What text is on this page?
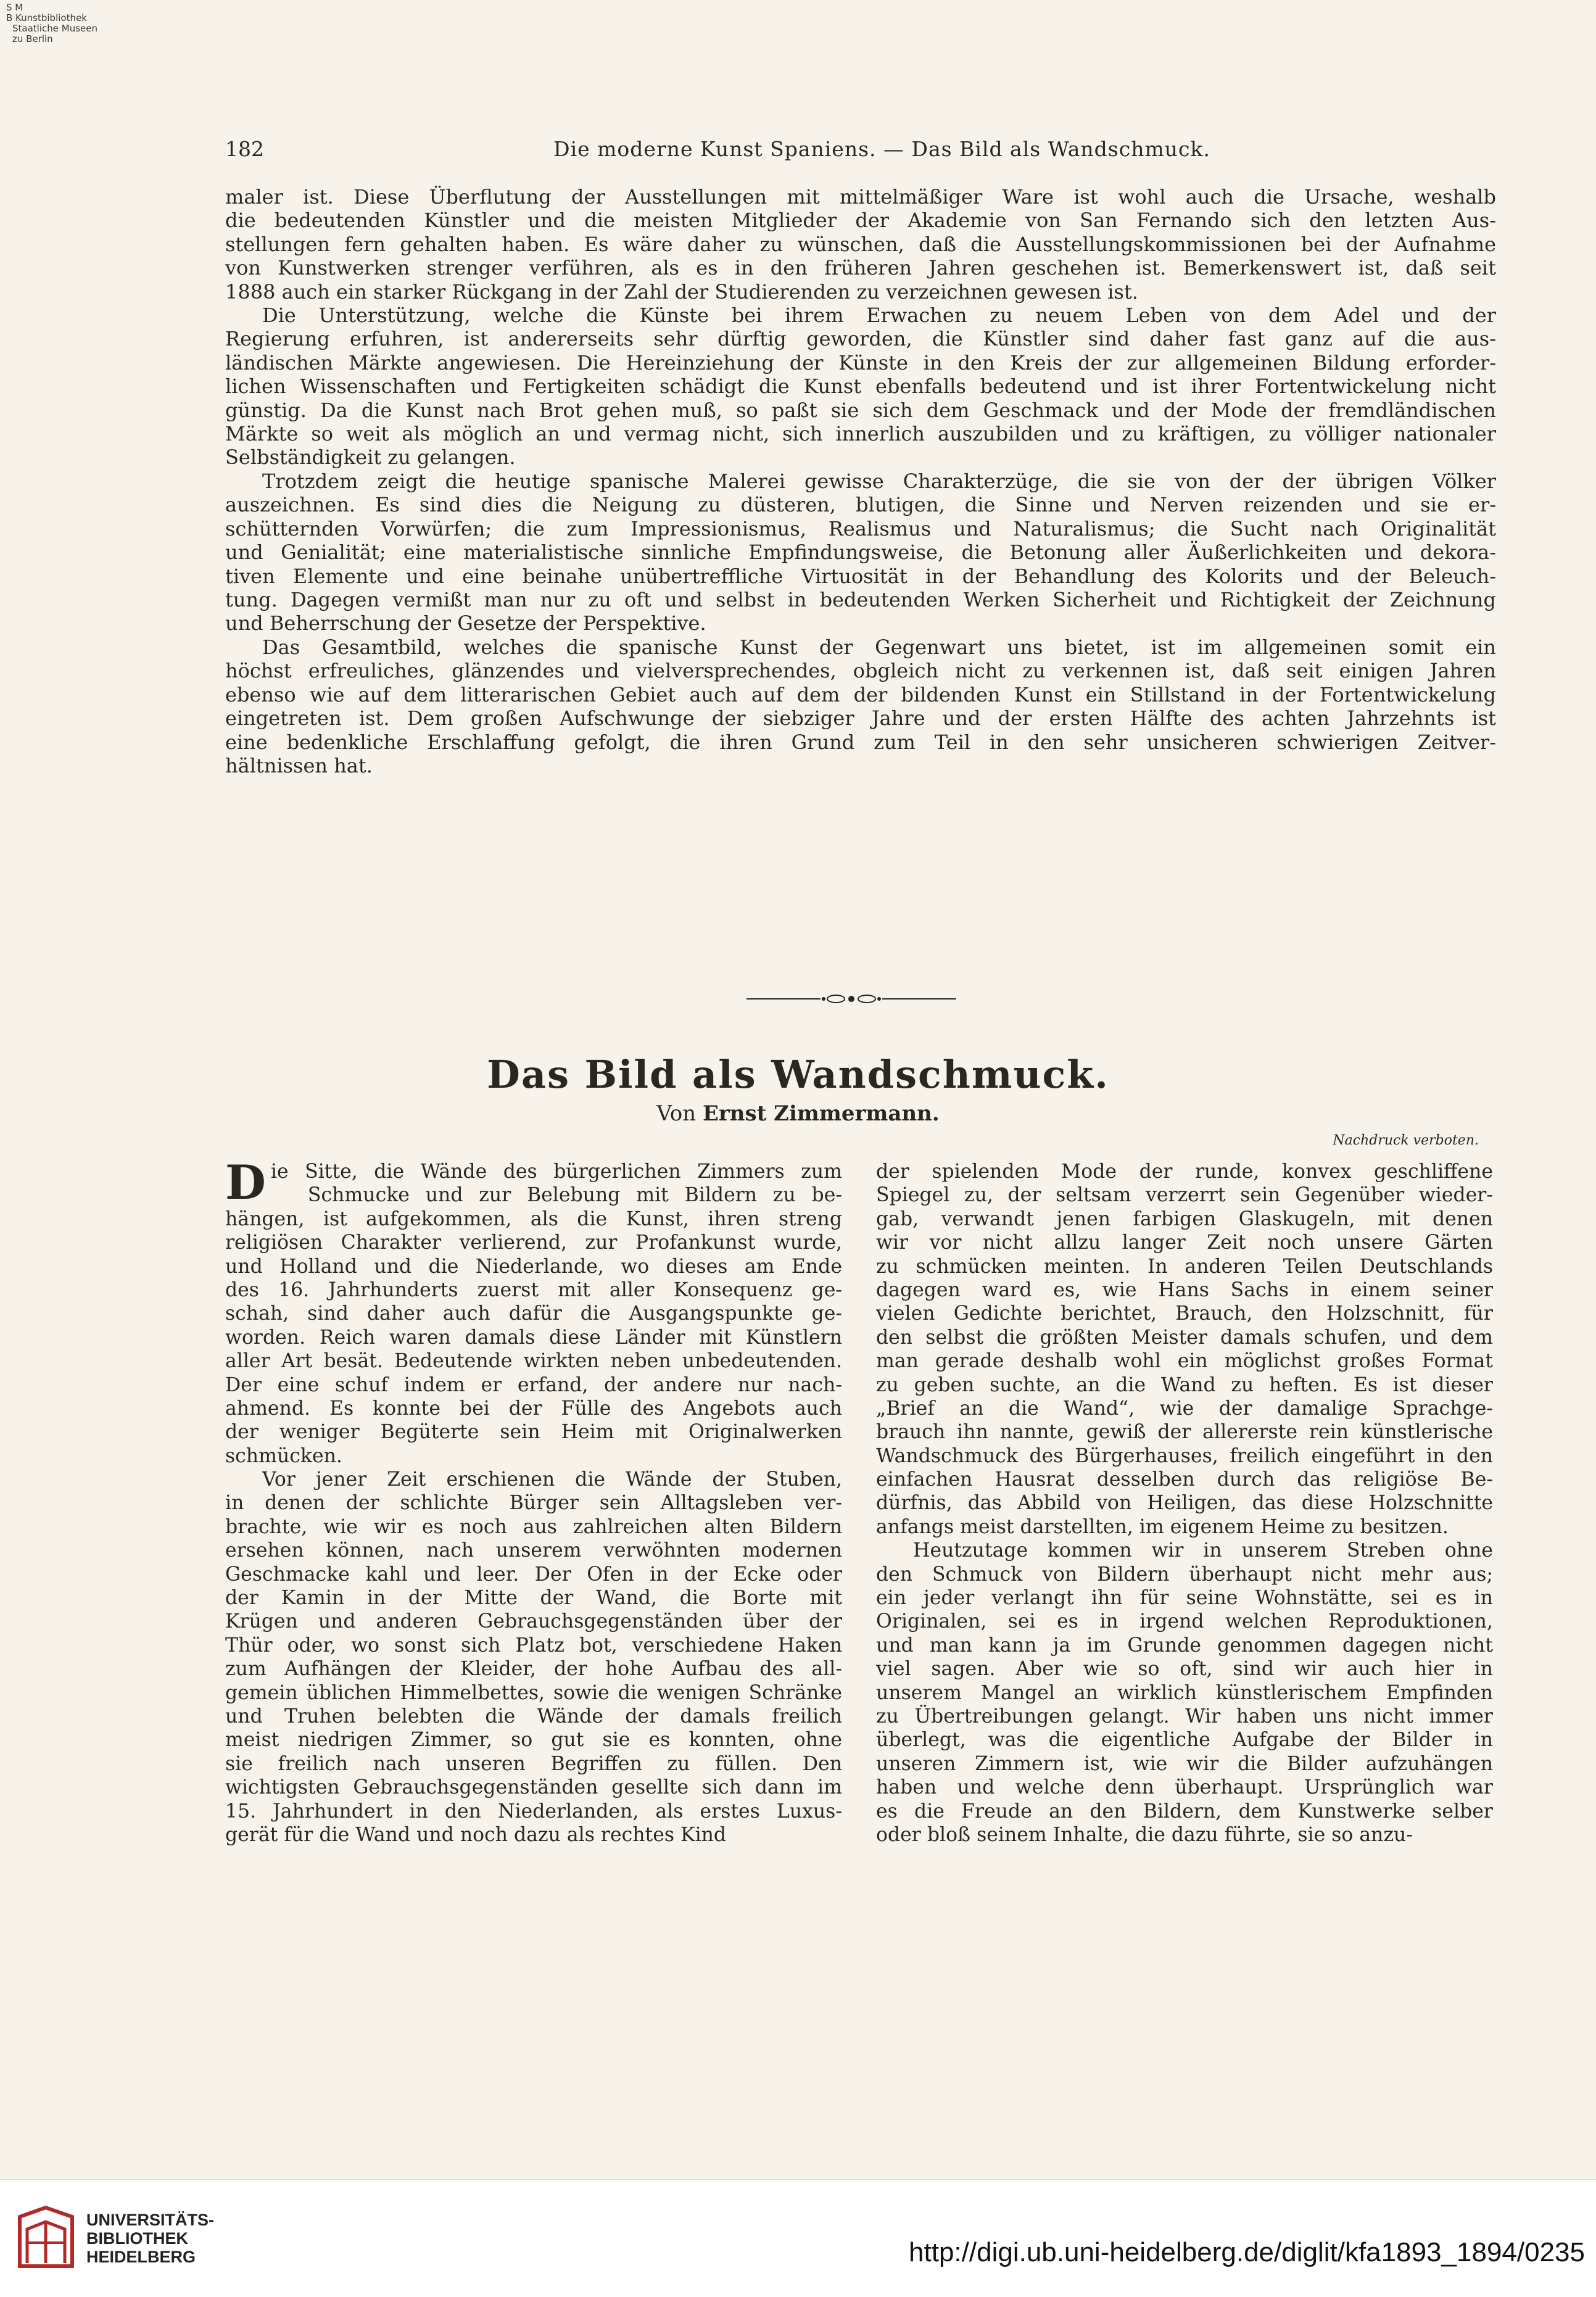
S M
B Kunstbibliothek
Staatliche Museen
zu Berlin
182	Die moderne Kunst Spaniens. — Das Bild als Wandschmuck.
maler ist. Diese Überflutung der Ausstellungen mit mittelmäßiger Ware ist wohl auch die Ursache, weshalb
die bedeutenden Künstler und die meisten Mitglieder der Akademie von San Fernando sich den letzten Aus-
stellungen fern gehalten haben. Es wäre daher zu wünschen, daß die Ausstellungskommissionen bei der Aufnahme
von Kunstwerken strenger verführen, als es in den früheren Jahren geschehen ist. Bemerkenswert ist, daß seit
1888 auch ein starker Rückgang in der Zahl der Studierenden zu verzeichnen gewesen ist.
Die Unterstützung, welche die Künste bei ihrem Erwachen zu neuem Leben von dem Adel und der
Regierung erfuhren, ist andererseits sehr dürftig geworden, die Künstler sind daher fast ganz auf die aus-
ländischen Märkte angewiesen. Die Hereinziehung der Künste in den Kreis der zur allgemeinen Bildung erforder-
lichen Wissenschaften und Fertigkeiten schädigt die Kunst ebenfalls bedeutend und ist ihrer Fortentwickelung nicht
günstig. Da die Kunst nach Brot gehen muß, so paßt sie sich dem Geschmack und der Mode der fremdländischen
Märkte so weit als möglich an und vermag nicht, sich innerlich auszubilden und zu kräftigen, zu völliger nationaler
Selbständigkeit zu gelangen.
Trotzdem zeigt die heutige spanische Malerei gewisse Charakterzüge, die sie von der der übrigen Völker
auszeichnen. Es sind dies die Neigung zu düsteren, blutigen, die Sinne und Nerven reizenden und sie er-
schütternden Vorwürfen; die zum Impressionismus, Realismus und Naturalismus; die Sucht nach Originalität
und Genialität; eine materialistische sinnliche Empfindungsweise, die Betonung aller Äußerlichkeiten und dekora-
tiven Elemente und eine beinahe unübertreffliche Virtuosität in der Behandlung des Kolorits und der Beleuch-
tung. Dagegen vermißt man nur zu oft und selbst in bedeutenden Werken Sicherheit und Richtigkeit der Zeichnung
und Beherrschung der Gesetze der Perspektive.
Das Gesamtbild, welches die spanische Kunst der Gegenwart uns bietet, ist im allgemeinen somit ein
höchst erfreuliches, glänzendes und vielversprechendes, obgleich nicht zu verkennen ist, daß seit einigen Jahren
ebenso wie auf dem litterarischen Gebiet auch auf dem der bildenden Kunst ein Stillstand in der Fortentwickelung
eingetreten ist. Dem großen Aufschwunge der siebziger Jahre und der ersten Hälfte des achten Jahrzehnts ist
eine bedenkliche Erschlaffung gefolgt, die ihren Grund zum Teil in den sehr unsicheren schwierigen Zeitver-
hältnissen hat.
Das Bild als Wandschmuck.
Von Ernst Zimmermann.
Nachdruck verboten.
D ie Sitte, die Wände des bürgerlichen Zimmers zum
Schmucke und zur Belebung mit Bildern zu be-
hängen, ist aufgekommen, als die Kunst, ihren streng
religiösen Charakter verlierend, zur Profankunst wurde,
und Holland und die Niederlande, wo dieses am Ende
des 16. Jahrhunderts zuerst mit aller Konsequenz ge-
schah, sind daher auch dafür die Ausgangspunkte ge-
worden. Reich waren damals diese Länder mit Künstlern
aller Art besät. Bedeutende wirkten neben unbedeutenden.
Der eine schuf indem er erfand, der andere nur nach-
ahmend. Es konnte bei der Fülle des Angebots auch
der weniger Begüterte sein Heim mit Originalwerken
schmücken.
Vor jener Zeit erschienen die Wände der Stuben,
in denen der schlichte Bürger sein Alltagsleben ver-
brachte, wie wir es noch aus zahlreichen alten Bildern
ersehen können, nach unserem verwöhnten modernen
Geschmacke kahl und leer. Der Ofen in der Ecke oder
der Kamin in der Mitte der Wand, die Borte mit
Krügen und anderen Gebrauchsgegenständen über der
Thür oder, wo sonst sich Platz bot, verschiedene Haken
zum Aufhängen der Kleider, der hohe Aufbau des all-
gemein üblichen Himmelbettes, sowie die wenigen Schränke
und Truhen belebten die Wände der damals freilich
meist niedrigen Zimmer, so gut sie es konnten, ohne
sie freilich nach unseren Begriffen zu füllen. Den
wichtigsten Gebrauchsgegenständen gesellte sich dann im
15. Jahrhundert in den Niederlanden, als erstes Luxus-
gerät für die Wand und noch dazu als rechtes Kind
der spielenden Mode der runde, konvex geschliffene
Spiegel zu, der seltsam verzerrt sein Gegenüber wieder-
gab, verwandt jenen farbigen Glaskugeln, mit denen
wir vor nicht allzu langer Zeit noch unsere Gärten
zu schmücken meinten. In anderen Teilen Deutschlands
dagegen ward es, wie Hans Sachs in einem seiner
vielen Gedichte berichtet, Brauch, den Holzschnitt, für
den selbst die größten Meister damals schufen, und dem
man gerade deshalb wohl ein möglichst großes Format
zu geben suchte, an die Wand zu heften. Es ist dieser
„Brief an die Wand“, wie der damalige Sprachge-
brauch ihn nannte, gewiß der allererste rein künstlerische
Wandschmuck des Bürgerhauses, freilich eingeführt in den
einfachen Hausrat desselben durch das religiöse Be-
dürfnis, das Abbild von Heiligen, das diese Holzschnitte
anfangs meist darstellten, im eigenem Heime zu besitzen.
Heutzutage kommen wir in unserem Streben ohne
den Schmuck von Bildern überhaupt nicht mehr aus;
ein jeder verlangt ihn für seine Wohnstätte, sei es in
Originalen, sei es in irgend welchen Reproduktionen,
und man kann ja im Grunde genommen dagegen nicht
viel sagen. Aber wie so oft, sind wir auch hier in
unserem Mangel an wirklich künstlerischem Empfinden
zu Übertreibungen gelangt. Wir haben uns nicht immer
überlegt, was die eigentliche Aufgabe der Bilder in
unseren Zimmern ist, wie wir die Bilder aufzuhängen
haben und welche denn überhaupt. Ursprünglich war
es die Freude an den Bildern, dem Kunstwerke selber
oder bloß seinem Inhalte, die dazu führte, sie so anzu-
UNIVERSITÄTS-
BIBLIOTHEK
HEIDELBERG	http://digi.ub.uni-heidelberg.de/diglit/kfa1893_1894/0235
